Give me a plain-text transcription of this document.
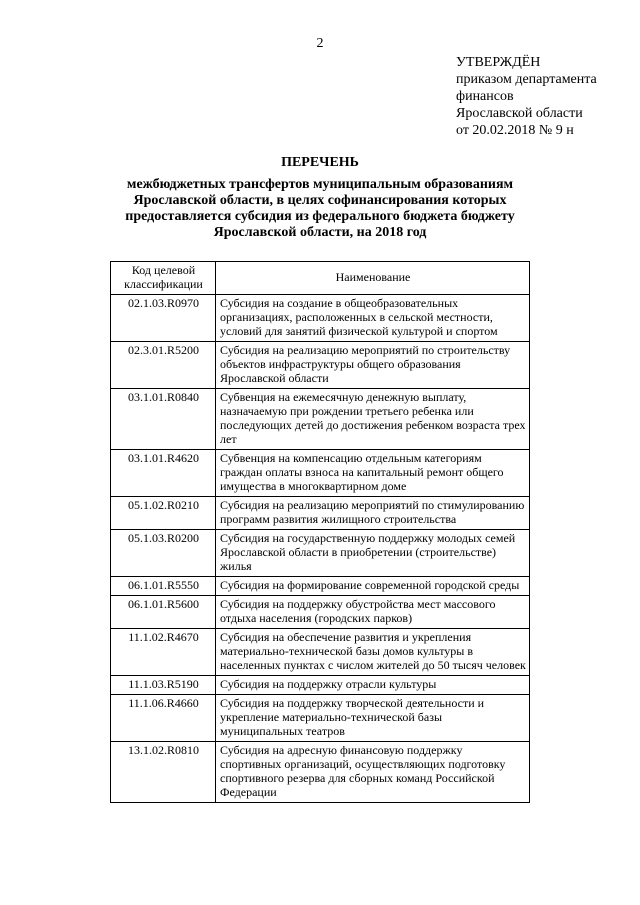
2
УТВЕРЖДЁН
приказом департамента
финансов
Ярославской области
от 20.02.2018 № 9 н
ПЕРЕЧЕНЬ
межбюджетных трансфертов муниципальным образованиям
Ярославской области, в целях софинансирования которых
предоставляется субсидия из федерального бюджета бюджету
Ярославской области, на 2018 год
Код целевой классификации	Наименование
02.1.03.R0970	Субсидия на создание в общеобразовательных организациях, расположенных в сельской местности, условий для занятий физической культурой и спортом
02.3.01.R5200	Субсидия на реализацию мероприятий по строительству объектов инфраструктуры общего образования Ярославской области
03.1.01.R0840	Субвенция на ежемесячную денежную выплату, назначаемую при рождении третьего ребенка или последующих детей до достижения ребенком возраста трех лет
03.1.01.R4620	Субвенция на компенсацию отдельным категориям граждан оплаты взноса на капитальный ремонт общего имущества в многоквартирном доме
05.1.02.R0210	Субсидия на реализацию мероприятий по стимулированию программ развития жилищного строительства
05.1.03.R0200	Субсидия на государственную поддержку молодых семей Ярославской области в приобретении (строительстве) жилья
06.1.01.R5550	Субсидия на формирование современной городской среды
06.1.01.R5600	Субсидия на поддержку обустройства мест массового отдыха населения (городских парков)
11.1.02.R4670	Субсидия на обеспечение развития и укрепления материально-технической базы домов культуры в населенных пунктах с числом жителей до 50 тысяч человек
11.1.03.R5190	Субсидия на поддержку отрасли культуры
11.1.06.R4660	Субсидия на поддержку творческой деятельности и укрепление материально-технической базы муниципальных театров
13.1.02.R0810	Субсидия на адресную финансовую поддержку спортивных организаций, осуществляющих подготовку спортивного резерва для сборных команд Российской Федерации
